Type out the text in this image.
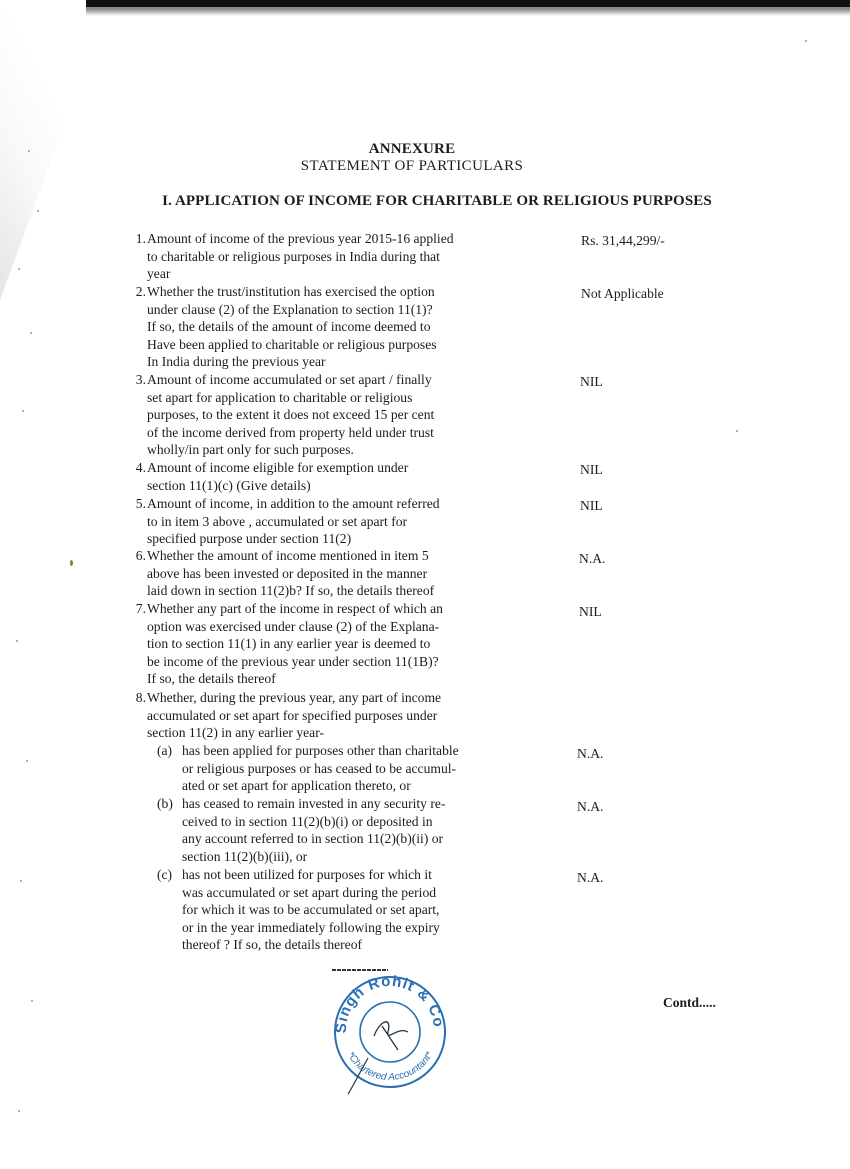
ANNEXURE
STATEMENT OF PARTICULARS
I. APPLICATION OF INCOME FOR CHARITABLE OR RELIGIOUS PURPOSES
1. Amount of income of the previous year 2015-16 applied
to charitable or religious purposes in India during that
year
Rs. 31,44,299/-
2. Whether the trust/institution has exercised the option
under clause (2) of the Explanation to section 11(1)?
If so, the details of the amount of income deemed to
Have been applied to charitable or religious purposes
In India during the previous year
Not Applicable
3. Amount of income accumulated or set apart / finally
set apart for application to charitable or religious
purposes, to the extent it does not exceed 15 per cent
of the income derived from property held under trust
wholly/in part only for such purposes.
NIL
4. Amount of income eligible for exemption under
section 11(1)(c) (Give details)
NIL
5. Amount of income, in addition to the amount referred
to in item 3 above , accumulated or set apart for
specified purpose under section 11(2)
NIL
6. Whether the amount of income mentioned in item 5
above has been invested or deposited in the manner
laid down in section 11(2)b? If so, the details thereof
N.A.
7. Whether any part of the income in respect of which an
option was exercised under clause (2) of the Explana-
tion to section 11(1) in any earlier year is deemed to
be income of the previous year under section 11(1B)?
If so, the details thereof
NIL
8. Whether, during the previous year, any part of income
accumulated or set apart for specified purposes under
section 11(2) in any earlier year-
(a) has been applied for purposes other than charitable
or religious purposes or has ceased to be accumul-
ated or set apart for application thereto, or
N.A.
(b) has ceased to remain invested in any security re-
ceived to in section 11(2)(b)(i) or deposited in
any account referred to in section 11(2)(b)(ii) or
section 11(2)(b)(iii), or
N.A.
(c) has not been utilized for purposes for which it
was accumulated or set apart during the period
for which it was to be accumulated or set apart,
or in the year immediately following the expiry
thereof ? If so, the details thereof
N.A.
Singh Rohit & Co
*Chartered Accountant*
Contd.....
